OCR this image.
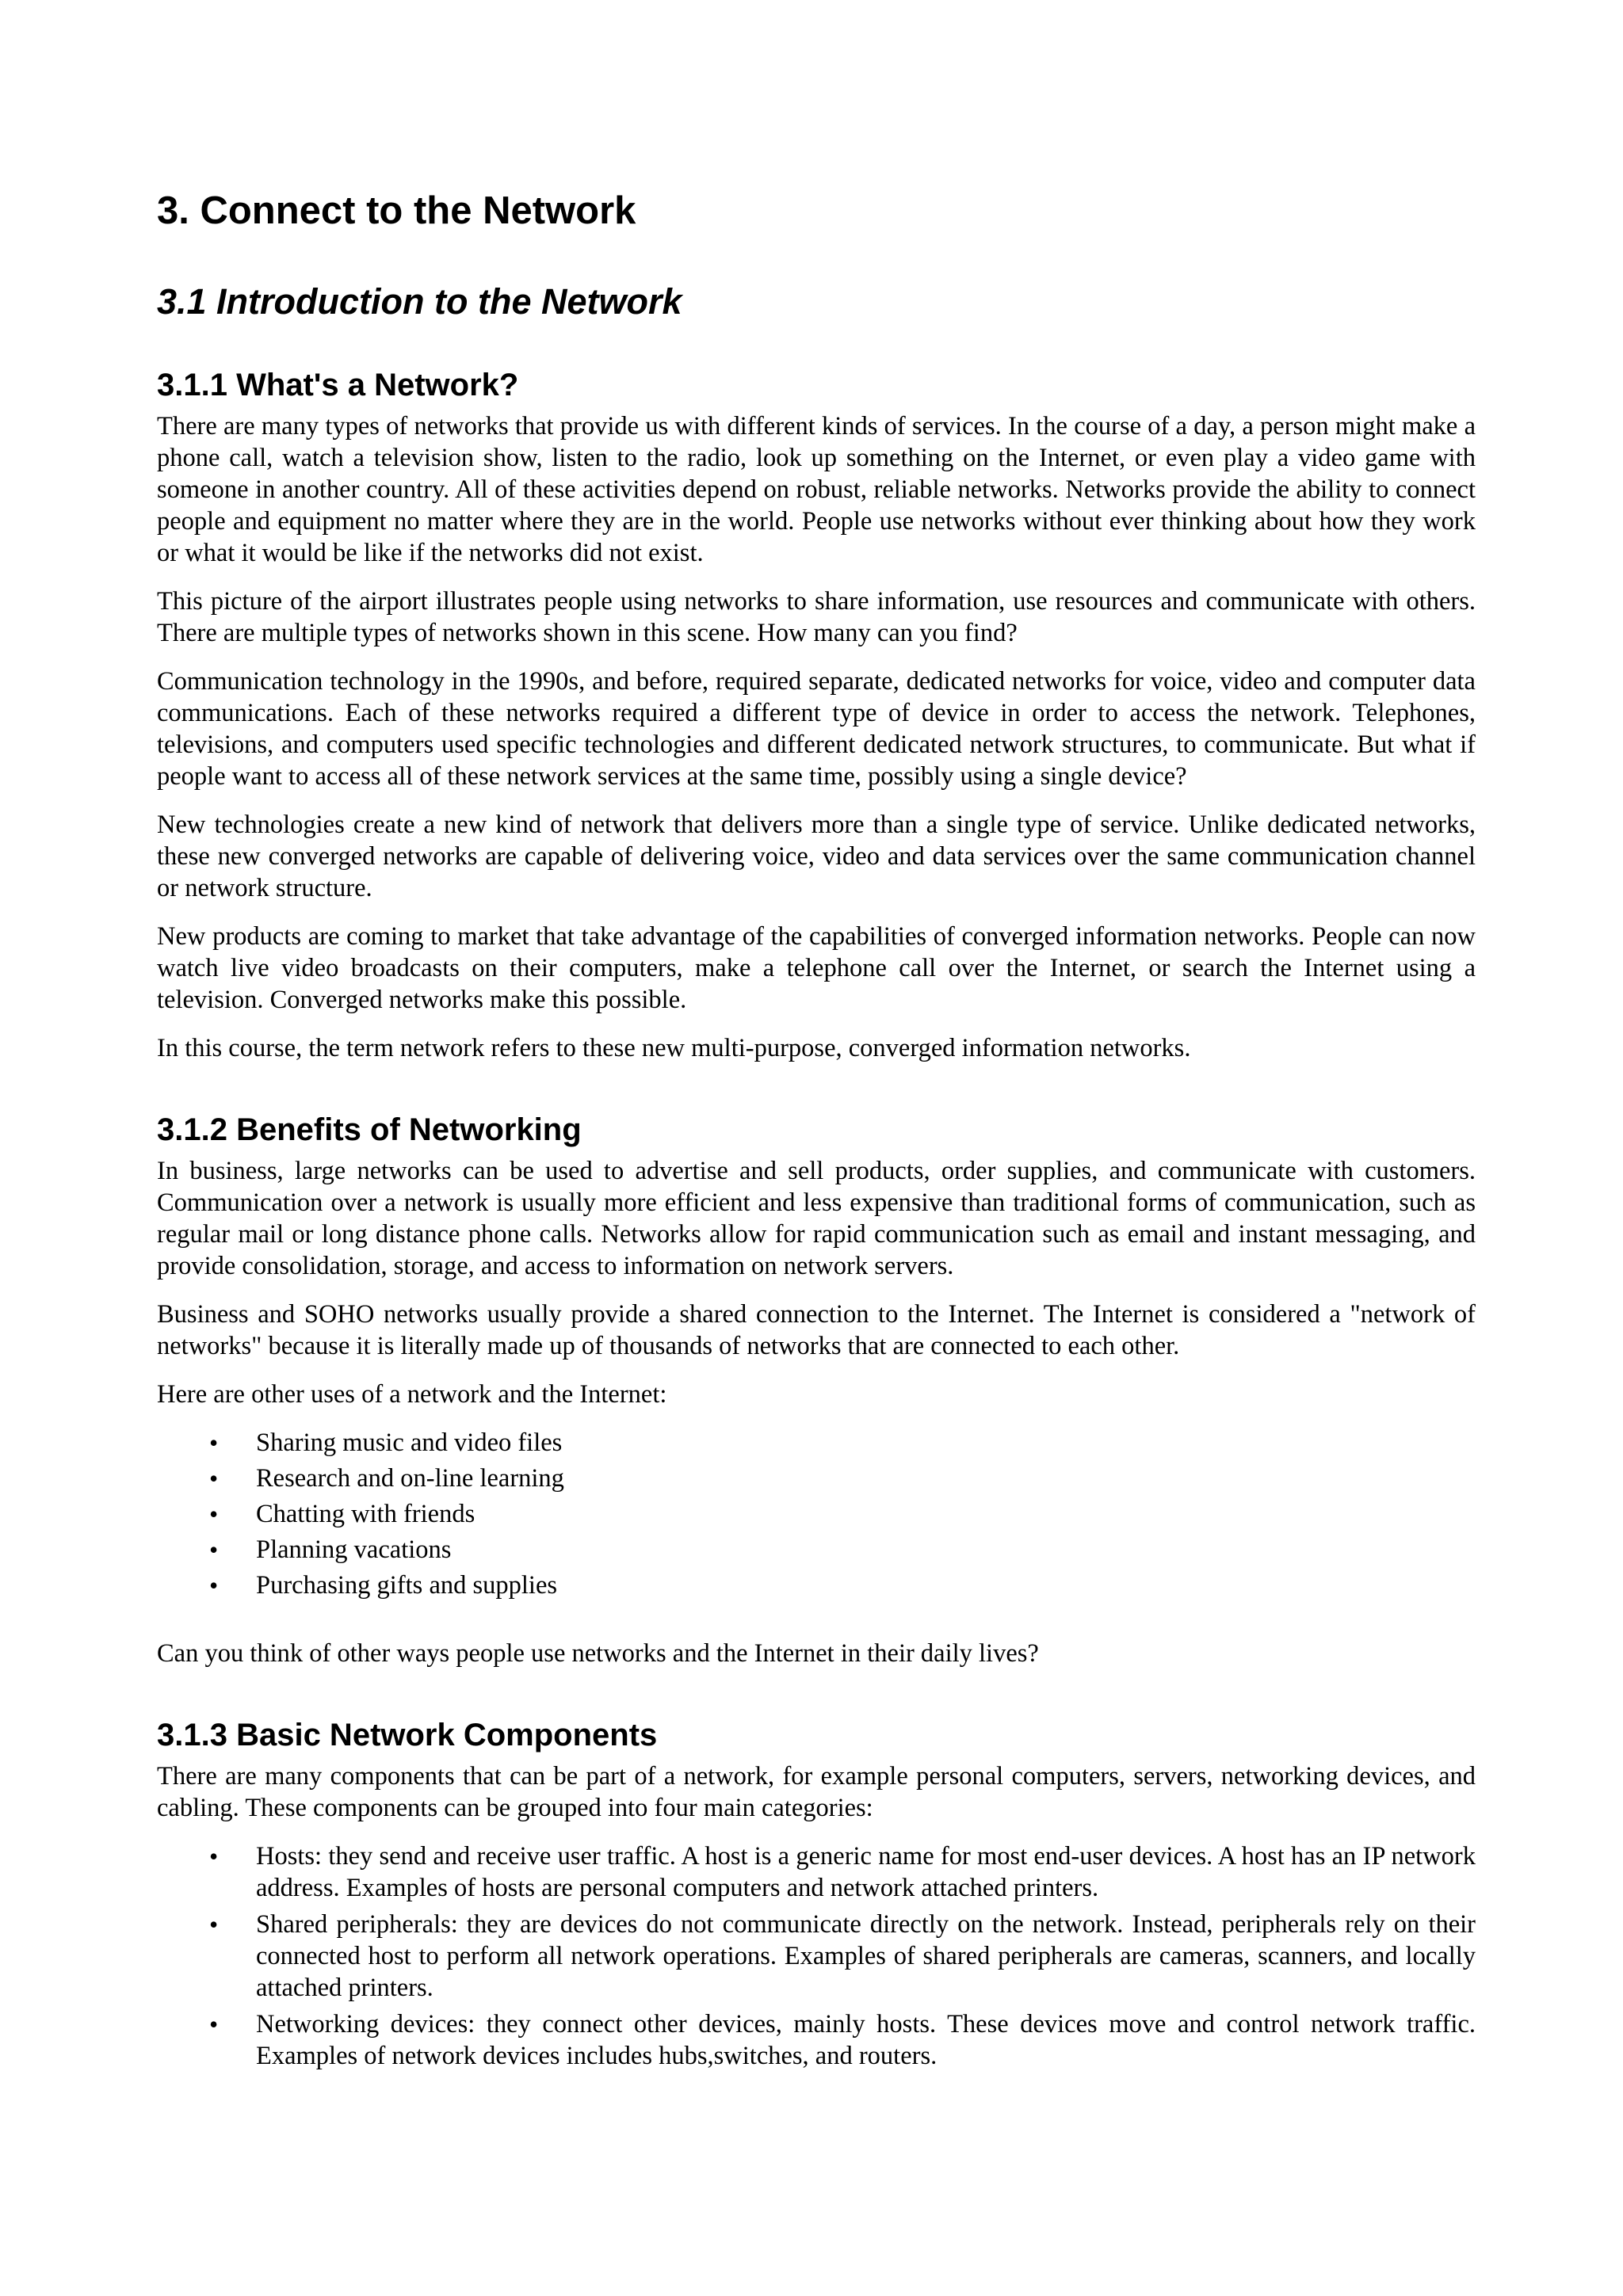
3. Connect to the Network
3.1 Introduction to the Network
3.1.1 What's a Network?

There are many types of networks that provide us with different kinds of services. In the course of a day, a person might make a phone call, watch a television show, listen to the radio, look up something on the Internet, or even play a video game with someone in another country. All of these activities depend on robust, reliable networks. Networks provide the ability to connect people and equipment no matter where they are in the world. People use networks without ever thinking about how they work or what it would be like if the networks did not exist.

This picture of the airport illustrates people using networks to share information, use resources and communicate with others. There are multiple types of networks shown in this scene. How many can you find?

Communication technology in the 1990s, and before, required separate, dedicated networks for voice, video and computer data communications. Each of these networks required a different type of device in order to access the network. Telephones, televisions, and computers used specific technologies and different dedicated network structures, to communicate. But what if people want to access all of these network services at the same time, possibly using a single device?

New technologies create a new kind of network that delivers more than a single type of service. Unlike dedicated networks, these new converged networks are capable of delivering voice, video and data services over the same communication channel or network structure.

New products are coming to market that take advantage of the capabilities of converged information networks. People can now watch live video broadcasts on their computers, make a telephone call over the Internet, or search the Internet using a television. Converged networks make this possible.

In this course, the term network refers to these new multi-purpose, converged information networks.

3.1.2 Benefits of Networking

In business, large networks can be used to advertise and sell products, order supplies, and communicate with customers. Communication over a network is usually more efficient and less expensive than traditional forms of communication, such as regular mail or long distance phone calls. Networks allow for rapid communication such as email and instant messaging, and provide consolidation, storage, and access to information on network servers.

Business and SOHO networks usually provide a shared connection to the Internet. The Internet is considered a "network of networks" because it is literally made up of thousands of networks that are connected to each other.

Here are other uses of a network and the Internet:

• Sharing music and video files
• Research and on-line learning
• Chatting with friends
• Planning vacations
• Purchasing gifts and supplies

Can you think of other ways people use networks and the Internet in their daily lives?

3.1.3 Basic Network Components

There are many components that can be part of a network, for example personal computers, servers, networking devices, and cabling. These components can be grouped into four main categories:

• Hosts: they send and receive user traffic. A host is a generic name for most end-user devices. A host has an IP network address. Examples of hosts are personal computers and network attached printers.
• Shared peripherals: they are devices do not communicate directly on the network. Instead, peripherals rely on their connected host to perform all network operations. Examples of shared peripherals are cameras, scanners, and locally attached printers.
• Networking devices: they connect other devices, mainly hosts. These devices move and control network traffic. Examples of network devices includes hubs,switches, and routers.
